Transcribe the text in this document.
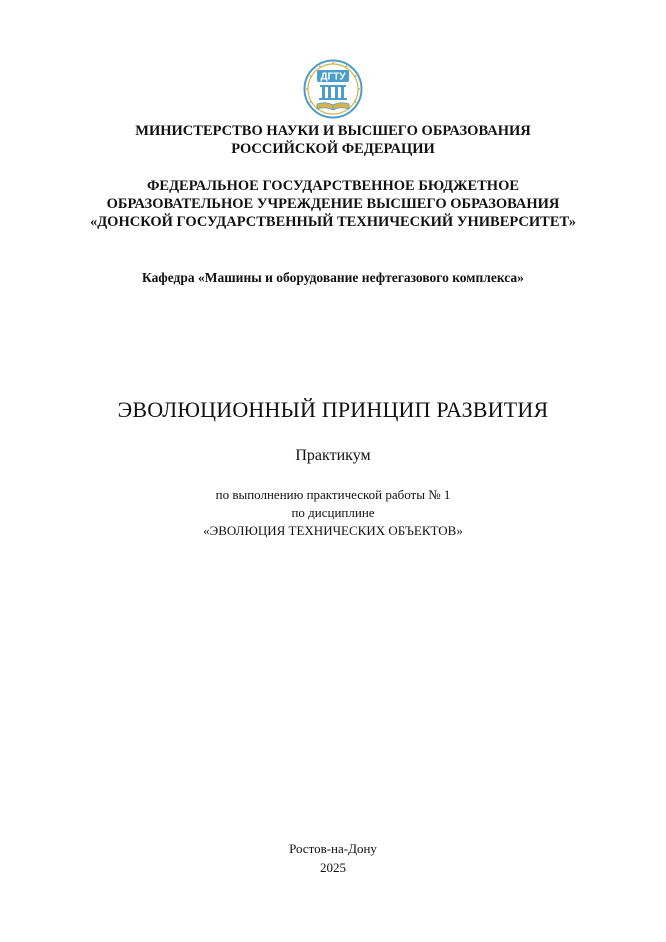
ДГТУ
МИНИСТЕРСТВО НАУКИ И ВЫСШЕГО ОБРАЗОВАНИЯ
РОССИЙСКОЙ ФЕДЕРАЦИИ
ФЕДЕРАЛЬНОЕ ГОСУДАРСТВЕННОЕ БЮДЖЕТНОЕ
ОБРАЗОВАТЕЛЬНОЕ УЧРЕЖДЕНИЕ ВЫСШЕГО ОБРАЗОВАНИЯ
«ДОНСКОЙ ГОСУДАРСТВЕННЫЙ ТЕХНИЧЕСКИЙ УНИВЕРСИТЕТ»
Кафедра «Машины и оборудование нефтегазового комплекса»
ЭВОЛЮЦИОННЫЙ ПРИНЦИП РАЗВИТИЯ
Практикум
по выполнению практической работы № 1
по дисциплине
«ЭВОЛЮЦИЯ ТЕХНИЧЕСКИХ ОБЪЕКТОВ»
Ростов-на-Дону
2025
